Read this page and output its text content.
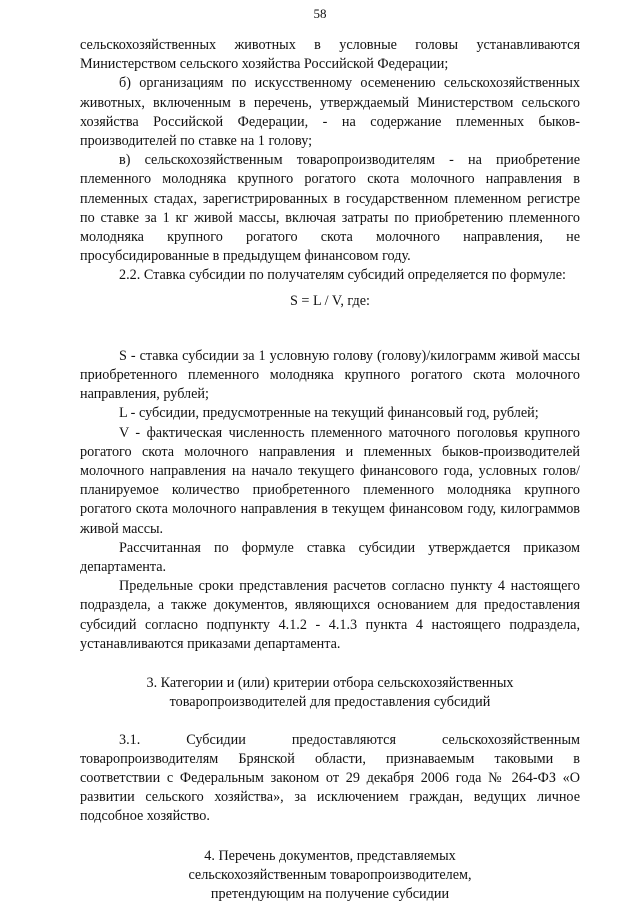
58

сельскохозяйственных животных в условные головы устанавливаются Министерством сельского хозяйства Российской Федерации;

б) организациям по искусственному осеменению сельскохозяйственных животных, включенным в перечень, утверждаемый Министерством сельского хозяйства Российской Федерации, - на содержание племенных быков-производителей по ставке на 1 голову;

в) сельскохозяйственным товаропроизводителям - на приобретение племенного молодняка крупного рогатого скота молочного направления в племенных стадах, зарегистрированных в государственном племенном регистре по ставке за 1 кг живой массы, включая затраты по приобретению племенного молодняка крупного рогатого скота молочного направления, не просубсидированные в предыдущем финансовом году.

2.2. Ставка субсидии по получателям субсидий определяется по формуле:

S = L / V, где:

S - ставка субсидии за 1 условную голову (голову)/килограмм живой массы приобретенного племенного молодняка крупного рогатого скота молочного направления, рублей;

L - субсидии, предусмотренные на текущий финансовый год, рублей;

V - фактическая численность племенного маточного поголовья крупного рогатого скота молочного направления и племенных быков-производителей молочного направления на начало текущего финансового года, условных голов/планируемое количество приобретенного племенного молодняка крупного рогатого скота молочного направления в текущем финансовом году, килограммов живой массы.

Рассчитанная по формуле ставка субсидии утверждается приказом департамента.

Предельные сроки представления расчетов согласно пункту 4 настоящего подраздела, а также документов, являющихся основанием для предоставления субсидий согласно подпункту 4.1.2 - 4.1.3 пункта 4 настоящего подраздела, устанавливаются приказами департамента.

3. Категории и (или) критерии отбора сельскохозяйственных
товаропроизводителей для предоставления субсидий

3.1. Субсидии предоставляются сельскохозяйственным товаропроизводителям Брянской области, признаваемым таковыми в соответствии с Федеральным законом от 29 декабря 2006 года № 264-ФЗ «О развитии сельского хозяйства», за исключением граждан, ведущих личное подсобное хозяйство.

4. Перечень документов, представляемых
сельскохозяйственным товаропроизводителем,
претендующим на получение субсидии
